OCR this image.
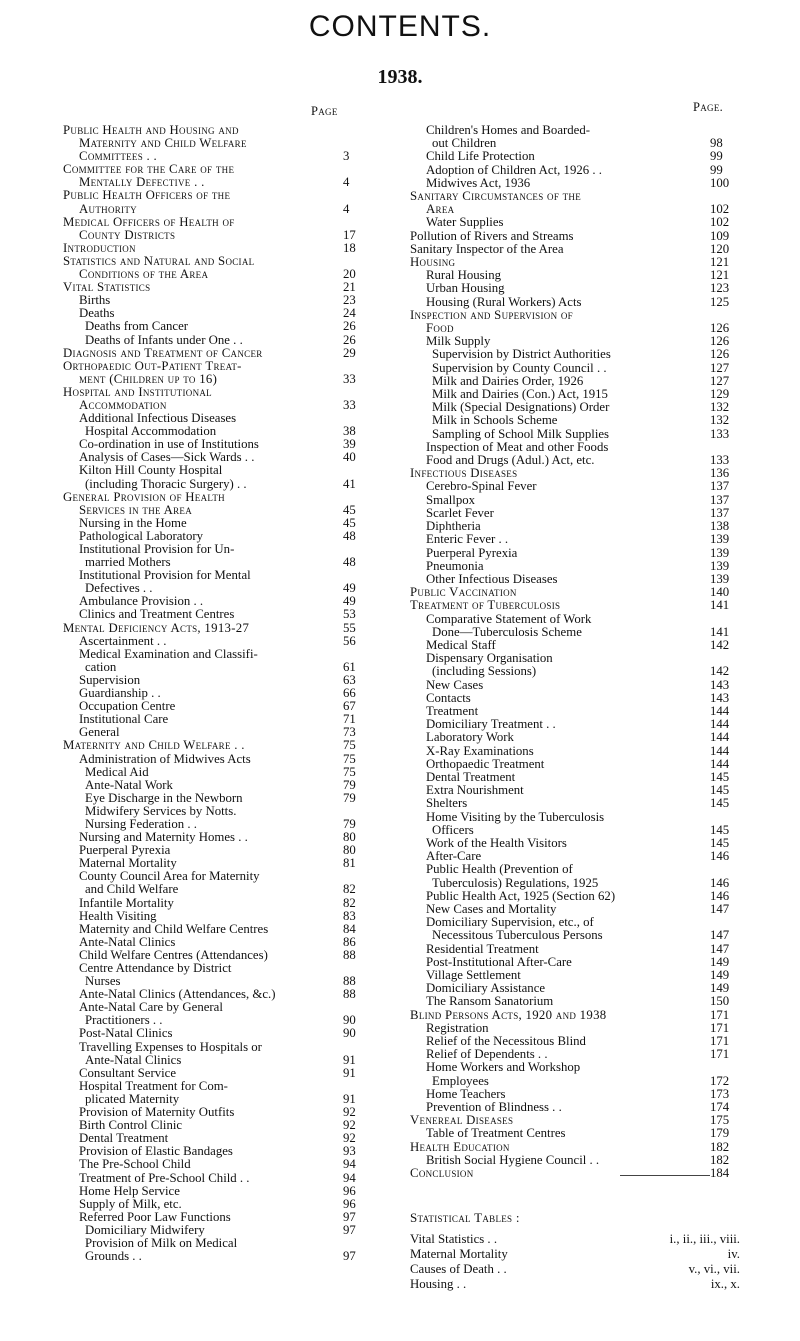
CONTENTS.
1938.
Page
Public Health and Housing and
Maternity and Child Welfare
Committees . .	3
Committee for the Care of the
Mentally Defective . .	4
Public Health Officers of the
Authority	4
Medical Officers of Health of
County Districts	17
Introduction	18
Statistics and Natural and Social
Conditions of the Area	20
Vital Statistics	21
Births	23
Deaths	24
Deaths from Cancer	26
Deaths of Infants under One . .	26
Diagnosis and Treatment of Cancer	29
Orthopaedic Out-Patient Treat-
ment (Children up to 16)	33
Hospital and Institutional
Accommodation	33
Additional Infectious Diseases
Hospital Accommodation	38
Co-ordination in use of Institutions	39
Analysis of Cases—Sick Wards . .	40
Kilton Hill County Hospital
(including Thoracic Surgery) . .	41
General Provision of Health
Services in the Area	45
Nursing in the Home	45
Pathological Laboratory	48
Institutional Provision for Un-
married Mothers	48
Institutional Provision for Mental
Defectives . .	49
Ambulance Provision . .	49
Clinics and Treatment Centres	53
Mental Deficiency Acts, 1913-27	55
Ascertainment . .	56
Medical Examination and Classifi-
cation	61
Supervision	63
Guardianship . .	66
Occupation Centre	67
Institutional Care	71
General	73
Maternity and Child Welfare . .	75
Administration of Midwives Acts	75
Medical Aid	75
Ante-Natal Work	79
Eye Discharge in the Newborn	79
Midwifery Services by Notts.
Nursing Federation . .	79
Nursing and Maternity Homes . .	80
Puerperal Pyrexia	80
Maternal Mortality	81
County Council Area for Maternity
and Child Welfare	82
Infantile Mortality	82
Health Visiting	83
Maternity and Child Welfare Centres	84
Ante-Natal Clinics	86
Child Welfare Centres (Attendances)	88
Centre Attendance by District
Nurses	88
Ante-Natal Clinics (Attendances, &c.)	88
Ante-Natal Care by General
Practitioners . .	90
Post-Natal Clinics	90
Travelling Expenses to Hospitals or
Ante-Natal Clinics	91
Consultant Service	91
Hospital Treatment for Com-
plicated Maternity	91
Provision of Maternity Outfits	92
Birth Control Clinic	92
Dental Treatment	92
Provision of Elastic Bandages	93
The Pre-School Child	94
Treatment of Pre-School Child . .	94
Home Help Service	96
Supply of Milk, etc.	96
Referred Poor Law Functions	97
Domiciliary Midwifery	97
Provision of Milk on Medical
Grounds . .	97
Page.
Children's Homes and Boarded-
out Children	98
Child Life Protection	99
Adoption of Children Act, 1926 . .	99
Midwives Act, 1936	100
Sanitary Circumstances of the
Area	102
Water Supplies	102
Pollution of Rivers and Streams	109
Sanitary Inspector of the Area	120
Housing	121
Rural Housing	121
Urban Housing	123
Housing (Rural Workers) Acts	125
Inspection and Supervision of
Food	126
Milk Supply	126
Supervision by District Authorities	126
Supervision by County Council . .	127
Milk and Dairies Order, 1926	127
Milk and Dairies (Con.) Act, 1915	129
Milk (Special Designations) Order	132
Milk in Schools Scheme	132
Sampling of School Milk Supplies	133
Inspection of Meat and other Foods
Food and Drugs (Adul.) Act, etc.	133
Infectious Diseases	136
Cerebro-Spinal Fever	137
Smallpox	137
Scarlet Fever	137
Diphtheria	138
Enteric Fever . .	139
Puerperal Pyrexia	139
Pneumonia	139
Other Infectious Diseases	139
Public Vaccination	140
Treatment of Tuberculosis	141
Comparative Statement of Work
Done—Tuberculosis Scheme	141
Medical Staff	142
Dispensary Organisation
(including Sessions)	142
New Cases	143
Contacts	143
Treatment	144
Domiciliary Treatment . .	144
Laboratory Work	144
X-Ray Examinations	144
Orthopaedic Treatment	144
Dental Treatment	145
Extra Nourishment	145
Shelters	145
Home Visiting by the Tuberculosis
Officers	145
Work of the Health Visitors	145
After-Care	146
Public Health (Prevention of
Tuberculosis) Regulations, 1925	146
Public Health Act, 1925 (Section 62)	146
New Cases and Mortality	147
Domiciliary Supervision, etc., of
Necessitous Tuberculous Persons	147
Residential Treatment	147
Post-Institutional After-Care	149
Village Settlement	149
Domiciliary Assistance	149
The Ransom Sanatorium	150
Blind Persons Acts, 1920 and 1938	171
Registration	171
Relief of the Necessitous Blind	171
Relief of Dependents . .	171
Home Workers and Workshop
Employees	172
Home Teachers	173
Prevention of Blindness . .	174
Venereal Diseases	175
Table of Treatment Centres	179
Health Education	182
British Social Hygiene Council . .	182
Conclusion	184
Statistical Tables :
Vital Statistics . .	i., ii., iii., viii.
Maternal Mortality	iv.
Causes of Death . .	v., vi., vii.
Housing . .	ix., x.
